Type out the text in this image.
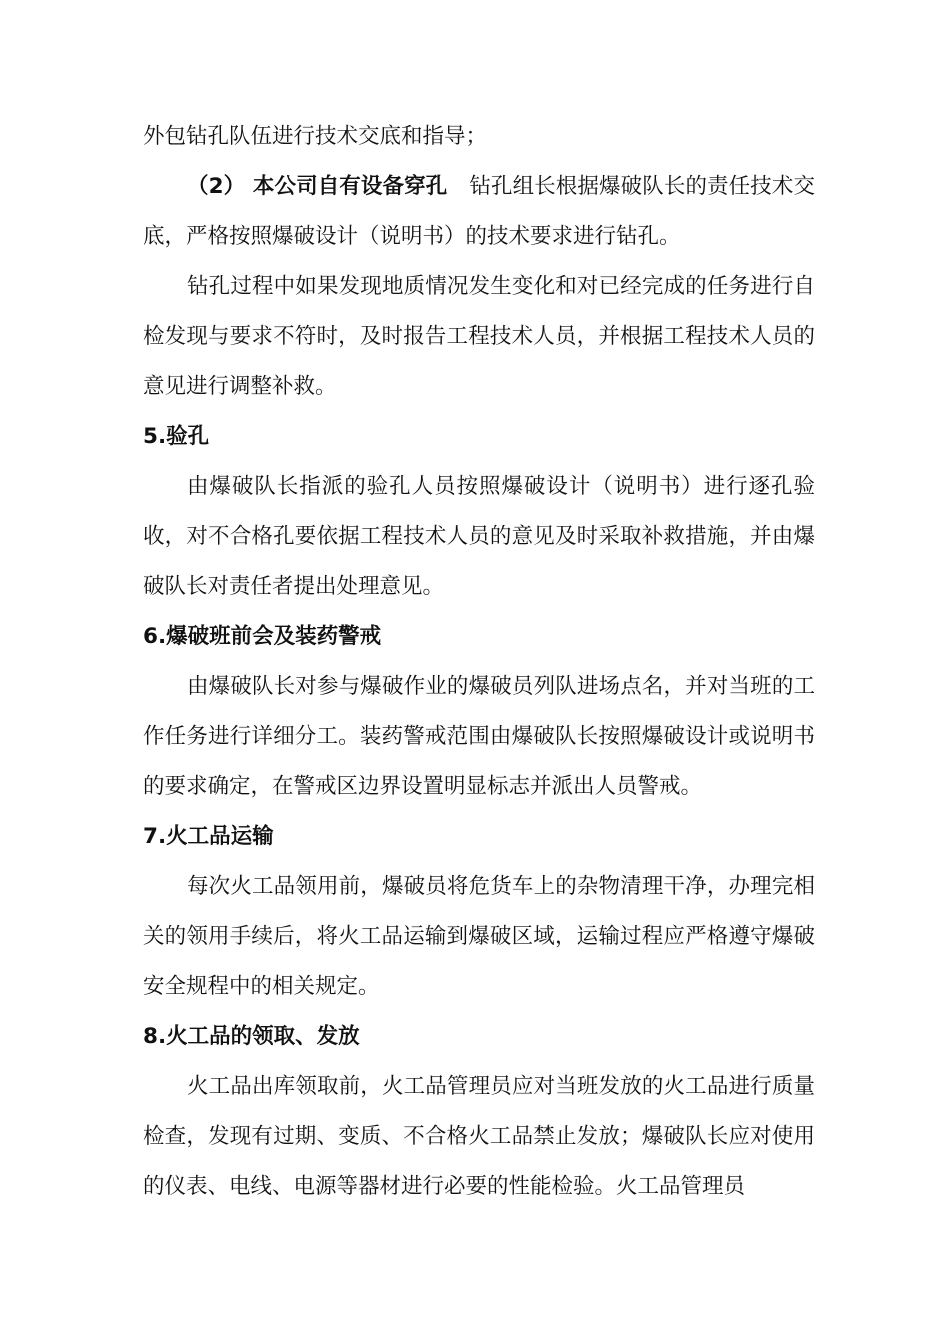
外包钻孔队伍进行技术交底和指导；

（2） 本公司自有设备穿孔 钻孔组长根据爆破队长的责任技术交底，严格按照爆破设计（说明书）的技术要求进行钻孔。

钻孔过程中如果发现地质情况发生变化和对已经完成的任务进行自检发现与要求不符时，及时报告工程技术人员，并根据工程技术人员的意见进行调整补救。

5.验孔

由爆破队长指派的验孔人员按照爆破设计（说明书）进行逐孔验收，对不合格孔要依据工程技术人员的意见及时采取补救措施，并由爆破队长对责任者提出处理意见。

6.爆破班前会及装药警戒

由爆破队长对参与爆破作业的爆破员列队进场点名，并对当班的工作任务进行详细分工。装药警戒范围由爆破队长按照爆破设计或说明书的要求确定，在警戒区边界设置明显标志并派出人员警戒。

7.火工品运输

每次火工品领用前，爆破员将危货车上的杂物清理干净，办理完相关的领用手续后，将火工品运输到爆破区域，运输过程应严格遵守爆破安全规程中的相关规定。

8.火工品的领取、发放

火工品出库领取前，火工品管理员应对当班发放的火工品进行质量检查，发现有过期、变质、不合格火工品禁止发放；爆破队长应对使用的仪表、电线、电源等器材进行必要的性能检验。火工品管理员
